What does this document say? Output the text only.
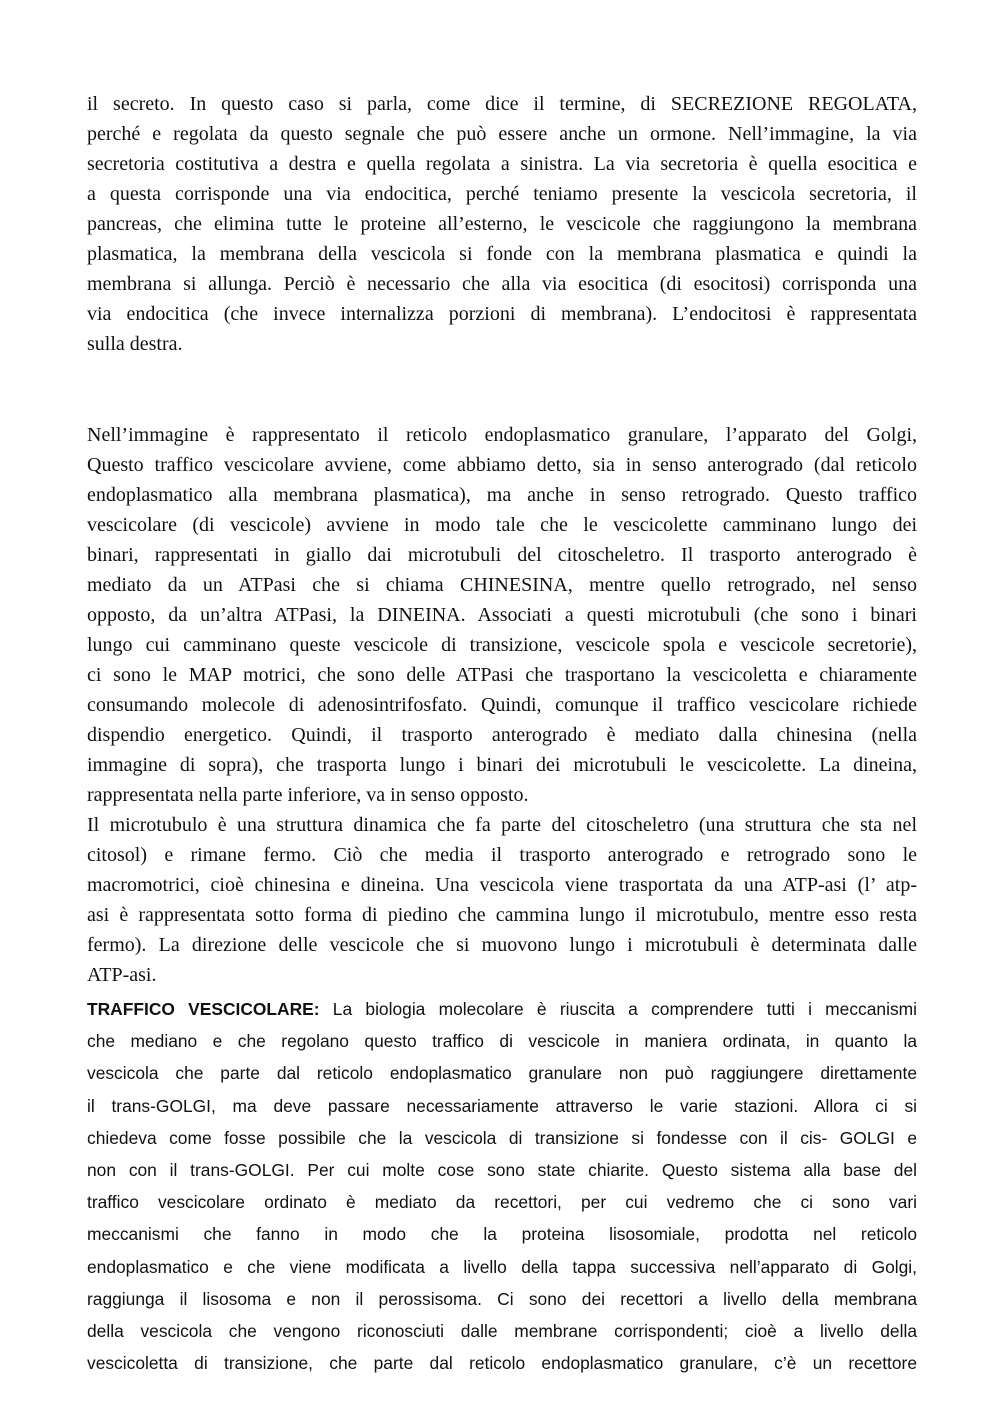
il secreto. In questo caso si parla, come dice il termine, di SECREZIONE REGOLATA,
perché e regolata da questo segnale che può essere anche un ormone. Nell’immagine, la via
secretoria costitutiva a destra e quella regolata a sinistra. La via secretoria è quella esocitica e
a questa corrisponde una via endocitica, perché teniamo presente la vescicola secretoria, il
pancreas, che elimina tutte le proteine all’esterno, le vescicole che raggiungono la membrana
plasmatica, la membrana della vescicola si fonde con la membrana plasmatica e quindi la
membrana si allunga. Perciò è necessario che alla via esocitica (di esocitosi) corrisponda una
via endocitica (che invece internalizza porzioni di membrana). L’endocitosi è rappresentata
sulla destra.
Nell’immagine è rappresentato il reticolo endoplasmatico granulare, l’apparato del Golgi,
Questo traffico vescicolare avviene, come abbiamo detto, sia in senso anterogrado (dal reticolo
endoplasmatico alla membrana plasmatica), ma anche in senso retrogrado. Questo traffico
vescicolare (di vescicole) avviene in modo tale che le vescicolette camminano lungo dei
binari, rappresentati in giallo dai microtubuli del citoscheletro. Il trasporto anterogrado è
mediato da un ATPasi che si chiama CHINESINA, mentre quello retrogrado, nel senso
opposto, da un’altra ATPasi, la DINEINA. Associati a questi microtubuli (che sono i binari
lungo cui camminano queste vescicole di transizione, vescicole spola e vescicole secretorie),
ci sono le MAP motrici, che sono delle ATPasi che trasportano la vescicoletta e chiaramente
consumando molecole di adenosintrifosfato. Quindi, comunque il traffico vescicolare richiede
dispendio energetico. Quindi, il trasporto anterogrado è mediato dalla chinesina (nella
immagine di sopra), che trasporta lungo i binari dei microtubuli le vescicolette. La dineina,
rappresentata nella parte inferiore, va in senso opposto.
Il microtubulo è una struttura dinamica che fa parte del citoscheletro (una struttura che sta nel
citosol) e rimane fermo. Ciò che media il trasporto anterogrado e retrogrado sono le
macromotrici, cioè chinesina e dineina. Una vescicola viene trasportata da una ATP-asi (l’ atp-
asi è rappresentata sotto forma di piedino che cammina lungo il microtubulo, mentre esso resta
fermo). La direzione delle vescicole che si muovono lungo i microtubuli è determinata dalle
ATP-asi.
TRAFFICO VESCICOLARE: La biologia molecolare è riuscita a comprendere tutti i meccanismi
che mediano e che regolano questo traffico di vescicole in maniera ordinata, in quanto la
vescicola che parte dal reticolo endoplasmatico granulare non può raggiungere direttamente
il trans-GOLGI, ma deve passare necessariamente attraverso le varie stazioni. Allora ci si
chiedeva come fosse possibile che la vescicola di transizione si fondesse con il cis- GOLGI e
non con il trans-GOLGI. Per cui molte cose sono state chiarite. Questo sistema alla base del
traffico vescicolare ordinato è mediato da recettori, per cui vedremo che ci sono vari
meccanismi che fanno in modo che la proteina lisosomiale, prodotta nel reticolo
endoplasmatico e che viene modificata a livello della tappa successiva nell’apparato di Golgi,
raggiunga il lisosoma e non il perossisoma. Ci sono dei recettori a livello della membrana
della vescicola che vengono riconosciuti dalle membrane corrispondenti; cioè a livello della
vescicoletta di transizione, che parte dal reticolo endoplasmatico granulare, c’è un recettore
